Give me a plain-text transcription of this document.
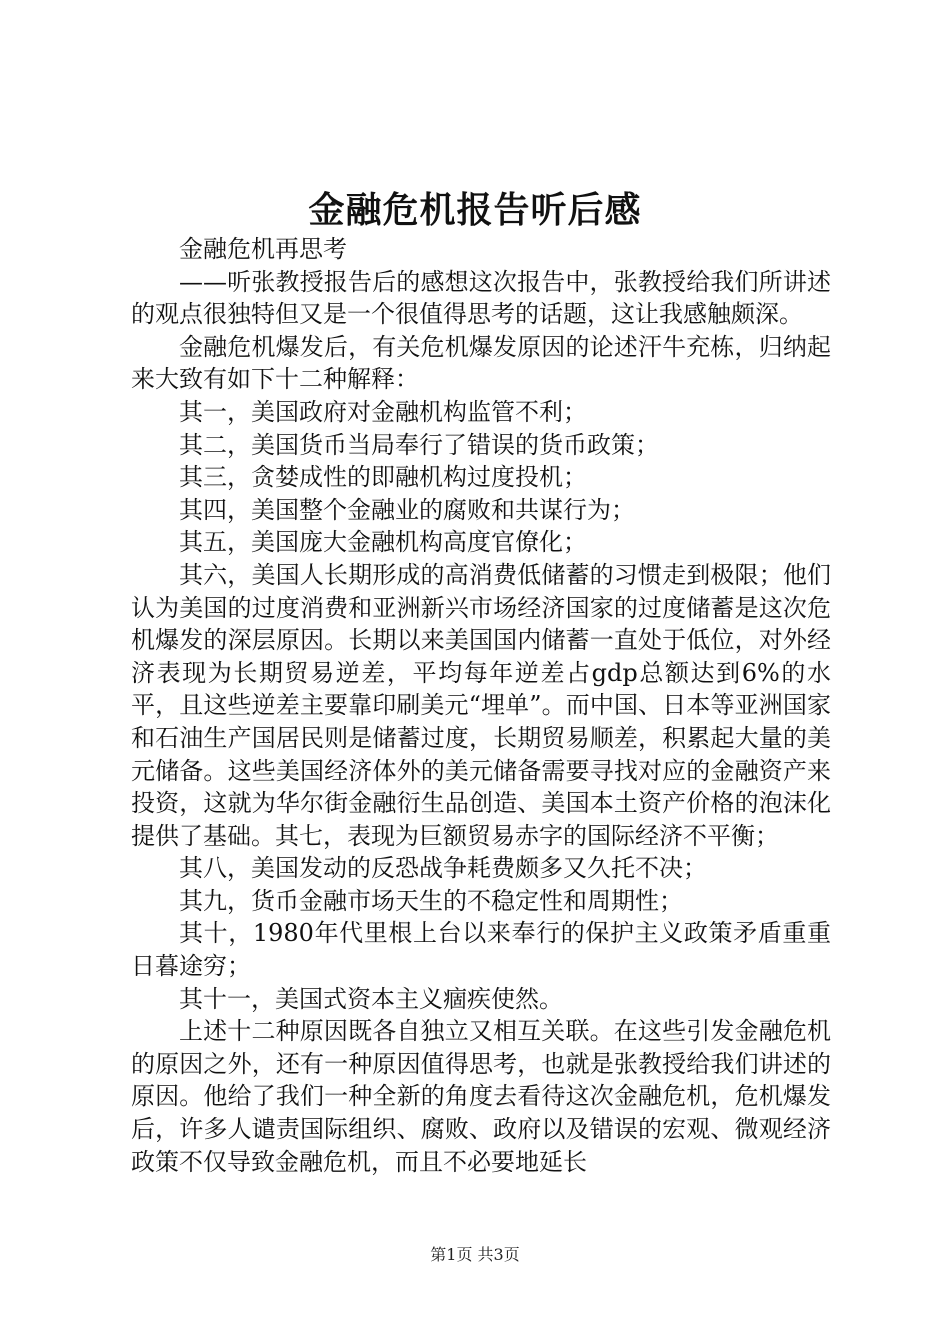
金融危机报告听后感

金融危机再思考

——听张教授报告后的感想这次报告中，张教授给我们所讲述的观点很独特但又是一个很值得思考的话题，这让我感触颇深。

金融危机爆发后，有关危机爆发原因的论述汗牛充栋，归纳起来大致有如下十二种解释：

其一，美国政府对金融机构监管不利；

其二，美国货币当局奉行了错误的货币政策；

其三，贪婪成性的即融机构过度投机；

其四，美国整个金融业的腐败和共谋行为；

其五，美国庞大金融机构高度官僚化；

其六，美国人长期形成的高消费低储蓄的习惯走到极限；他们认为美国的过度消费和亚洲新兴市场经济国家的过度储蓄是这次危机爆发的深层原因。长期以来美国国内储蓄一直处于低位，对外经济表现为长期贸易逆差，平均每年逆差占gdp总额达到6%的水平，且这些逆差主要靠印刷美元“埋单”。而中国、日本等亚洲国家和石油生产国居民则是储蓄过度，长期贸易顺差，积累起大量的美元储备。这些美国经济体外的美元储备需要寻找对应的金融资产来投资，这就为华尔街金融衍生品创造、美国本土资产价格的泡沫化提供了基础。其七，表现为巨额贸易赤字的国际经济不平衡；

其八，美国发动的反恐战争耗费颇多又久托不决；

其九，货币金融市场天生的不稳定性和周期性；

其十，1980年代里根上台以来奉行的保护主义政策矛盾重重日暮途穷；

其十一，美国式资本主义痼疾使然。

上述十二种原因既各自独立又相互关联。在这些引发金融危机的原因之外，还有一种原因值得思考，也就是张教授给我们讲述的原因。他给了我们一种全新的角度去看待这次金融危机，危机爆发后，许多人谴责国际组织、腐败、政府以及错误的宏观、微观经济政策不仅导致金融危机，而且不必要地延长

第1页 共3页
